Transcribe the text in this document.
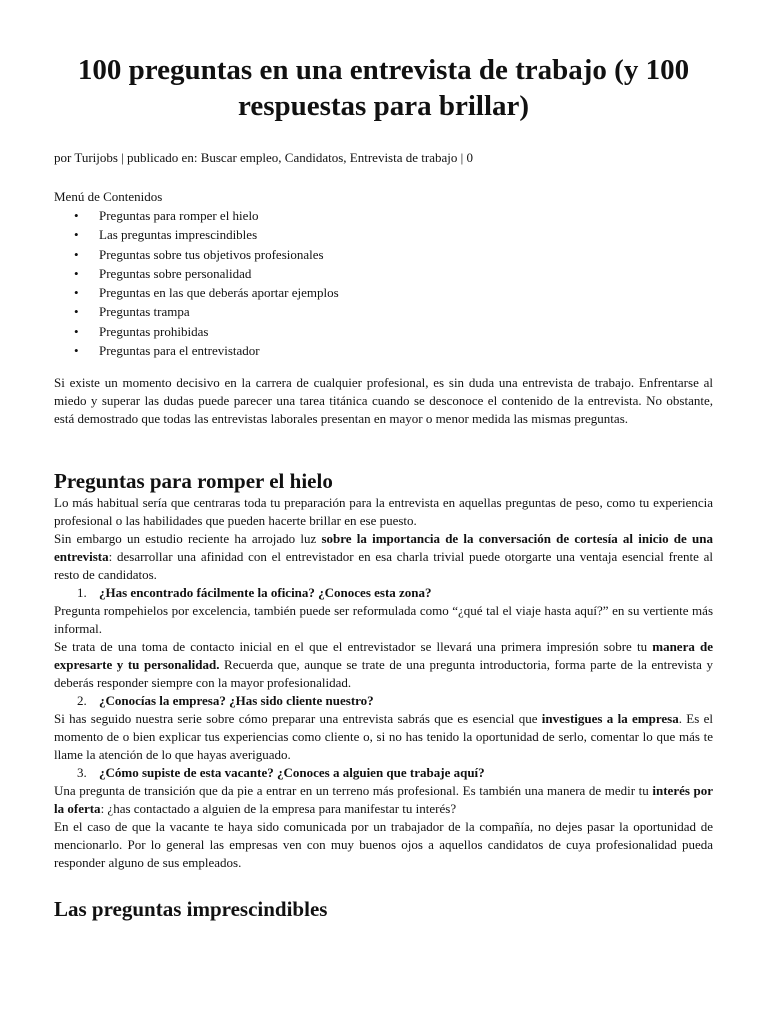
100 preguntas en una entrevista de trabajo (y 100 respuestas para brillar)
por Turijobs | publicado en: Buscar empleo, Candidatos, Entrevista de trabajo | 0
Menú de Contenidos
• Preguntas para romper el hielo
• Las preguntas imprescindibles
• Preguntas sobre tus objetivos profesionales
• Preguntas sobre personalidad
• Preguntas en las que deberás aportar ejemplos
• Preguntas trampa
• Preguntas prohibidas
• Preguntas para el entrevistador

Si existe un momento decisivo en la carrera de cualquier profesional, es sin duda una entrevista de trabajo. Enfrentarse al miedo y superar las dudas puede parecer una tarea titánica cuando se desconoce el contenido de la entrevista. No obstante, está demostrado que todas las entrevistas laborales presentan en mayor o menor medida las mismas preguntas.

Preguntas para romper el hielo

Lo más habitual sería que centraras toda tu preparación para la entrevista en aquellas preguntas de peso, como tu experiencia profesional o las habilidades que pueden hacerte brillar en ese puesto.

Sin embargo un estudio reciente ha arrojado luz sobre la importancia de la conversación de cortesía al inicio de una entrevista: desarrollar una afinidad con el entrevistador en esa charla trivial puede otorgarte una ventaja esencial frente al resto de candidatos.

1. ¿Has encontrado fácilmente la oficina? ¿Conoces esta zona?

Pregunta rompehielos por excelencia, también puede ser reformulada como “¿qué tal el viaje hasta aquí?” en su vertiente más informal.

Se trata de una toma de contacto inicial en el que el entrevistador se llevará una primera impresión sobre tu manera de expresarte y tu personalidad. Recuerda que, aunque se trate de una pregunta introductoria, forma parte de la entrevista y deberás responder siempre con la mayor profesionalidad.

2. ¿Conocías la empresa? ¿Has sido cliente nuestro?

Si has seguido nuestra serie sobre cómo preparar una entrevista sabrás que es esencial que investigues a la empresa. Es el momento de o bien explicar tus experiencias como cliente o, si no has tenido la oportunidad de serlo, comentar lo que más te llame la atención de lo que hayas averiguado.

3. ¿Cómo supiste de esta vacante? ¿Conoces a alguien que trabaje aquí?

Una pregunta de transición que da pie a entrar en un terreno más profesional. Es también una manera de medir tu interés por la oferta: ¿has contactado a alguien de la empresa para manifestar tu interés?

En el caso de que la vacante te haya sido comunicada por un trabajador de la compañía, no dejes pasar la oportunidad de mencionarlo. Por lo general las empresas ven con muy buenos ojos a aquellos candidatos de cuya profesionalidad pueda responder alguno de sus empleados.

Las preguntas imprescindibles
